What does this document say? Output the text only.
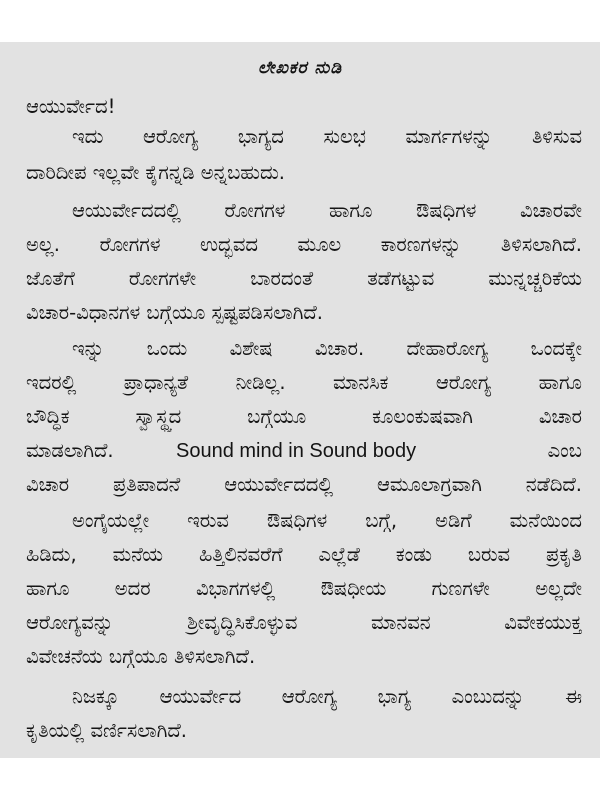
ಲೇಖಕರ ನುಡಿ
ಆಯುರ್ವೇದ!
ಇದು ಆರೋಗ್ಯ ಭಾಗ್ಯದ ಸುಲಭ ಮಾರ್ಗಗಳನ್ನು ತಿಳಿಸುವ
ದಾರಿದೀಪ ಇಲ್ಲವೇ ಕೈಗನ್ನಡಿ ಅನ್ನಬಹುದು.
ಆಯುರ್ವೇದದಲ್ಲಿ ರೋಗಗಳ ಹಾಗೂ ಔಷಧಿಗಳ ವಿಚಾರವೇ
ಅಲ್ಲ. ರೋಗಗಳ ಉದ್ಭವದ ಮೂಲ ಕಾರಣಗಳನ್ನು ತಿಳಿಸಲಾಗಿದೆ.
ಜೊತೆಗೆ ರೋಗಗಳೇ ಬಾರದಂತೆ ತಡೆಗಟ್ಟುವ ಮುನ್ನಚ್ಚರಿಕೆಯ
ವಿಚಾರ-ವಿಧಾನಗಳ ಬಗ್ಗೆಯೂ ಸ್ಪಷ್ಟಪಡಿಸಲಾಗಿದೆ.
ಇನ್ನು ಒಂದು ವಿಶೇಷ ವಿಚಾರ. ದೇಹಾರೋಗ್ಯ ಒಂದಕ್ಕೇ
ಇದರಲ್ಲಿ ಪ್ರಾಧಾನ್ಯತೆ ನೀಡಿಲ್ಲ. ಮಾನಸಿಕ ಆರೋಗ್ಯ ಹಾಗೂ
ಬೌದ್ಧಿಕ ಸ್ವಾಸ್ಥ್ಯದ ಬಗ್ಗೆಯೂ ಕೂಲಂಕುಷವಾಗಿ ವಿಚಾರ
ಮಾಡಲಾಗಿದೆ.	Sound mind in Sound body	ಎಂಬ
ವಿಚಾರ ಪ್ರತಿಪಾದನೆ ಆಯುರ್ವೇದದಲ್ಲಿ ಆಮೂಲಾಗ್ರವಾಗಿ ನಡೆದಿದೆ.
ಅಂಗೈಯಲ್ಲೇ ಇರುವ ಔಷಧಿಗಳ ಬಗ್ಗೆ, ಅಡಿಗೆ ಮನೆಯಿಂದ
ಹಿಡಿದು, ಮನೆಯ ಹಿತ್ತಿಲಿನವರೆಗೆ ಎಲ್ಲೆಡೆ ಕಂಡು ಬರುವ ಪ್ರಕೃತಿ
ಹಾಗೂ ಅದರ ವಿಭಾಗಗಳಲ್ಲಿ ಔಷಧೀಯ ಗುಣಗಳೇ ಅಲ್ಲದೇ
ಆರೋಗ್ಯವನ್ನು ಶ್ರೀವೃದ್ಧಿಸಿಕೊಳ್ಳುವ ಮಾನವನ ವಿವೇಕಯುಕ್ತ
ವಿವೇಚನೆಯ ಬಗ್ಗೆಯೂ ತಿಳಿಸಲಾಗಿದೆ.
ನಿಜಕ್ಕೂ ಆಯುರ್ವೇದ ಆರೋಗ್ಯ ಭಾಗ್ಯ ಎಂಬುದನ್ನು ಈ
ಕೃತಿಯಲ್ಲಿ ವರ್ಣಿಸಲಾಗಿದೆ.
